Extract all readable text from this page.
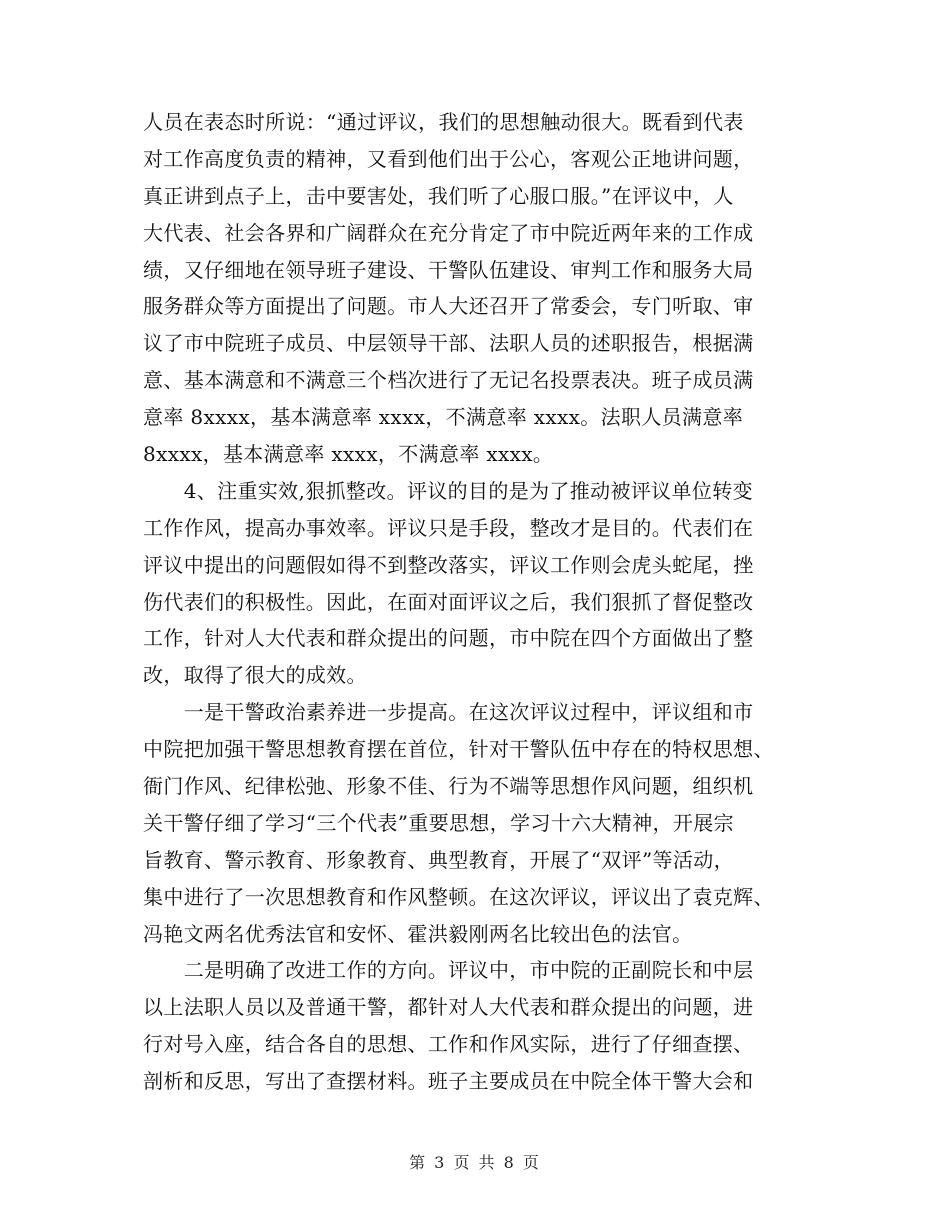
人员在表态时所说：“通过评议，我们的思想触动很大。既看到代表
对工作高度负责的精神，又看到他们出于公心，客观公正地讲问题，
真正讲到点子上，击中要害处，我们听了心服口服。”在评议中，人
大代表、社会各界和广阔群众在充分肯定了市中院近两年来的工作成
绩，又仔细地在领导班子建设、干警队伍建设、审判工作和服务大局
服务群众等方面提出了问题。市人大还召开了常委会，专门听取、审
议了市中院班子成员、中层领导干部、法职人员的述职报告，根据满
意、基本满意和不满意三个档次进行了无记名投票表决。班子成员满
意率 8xxxx，基本满意率 xxxx，不满意率 xxxx。法职人员满意率
8xxxx，基本满意率 xxxx，不满意率 xxxx。
　　4、注重实效,狠抓整改。评议的目的是为了推动被评议单位转变
工作作风，提高办事效率。评议只是手段，整改才是目的。代表们在
评议中提出的问题假如得不到整改落实，评议工作则会虎头蛇尾，挫
伤代表们的积极性。因此，在面对面评议之后，我们狠抓了督促整改
工作，针对人大代表和群众提出的问题，市中院在四个方面做出了整
改，取得了很大的成效。
　　一是干警政治素养进一步提高。在这次评议过程中，评议组和市
中院把加强干警思想教育摆在首位，针对干警队伍中存在的特权思想、
衙门作风、纪律松弛、形象不佳、行为不端等思想作风问题，组织机
关干警仔细了学习“三个代表”重要思想，学习十六大精神，开展宗
旨教育、警示教育、形象教育、典型教育，开展了“双评”等活动，
集中进行了一次思想教育和作风整顿。在这次评议，评议出了袁克辉、
冯艳文两名优秀法官和安怀、霍洪毅刚两名比较出色的法官。
　　二是明确了改进工作的方向。评议中，市中院的正副院长和中层
以上法职人员以及普通干警，都针对人大代表和群众提出的问题，进
行对号入座，结合各自的思想、工作和作风实际，进行了仔细查摆、
剖析和反思，写出了查摆材料。班子主要成员在中院全体干警大会和
第 3 页 共 8 页
